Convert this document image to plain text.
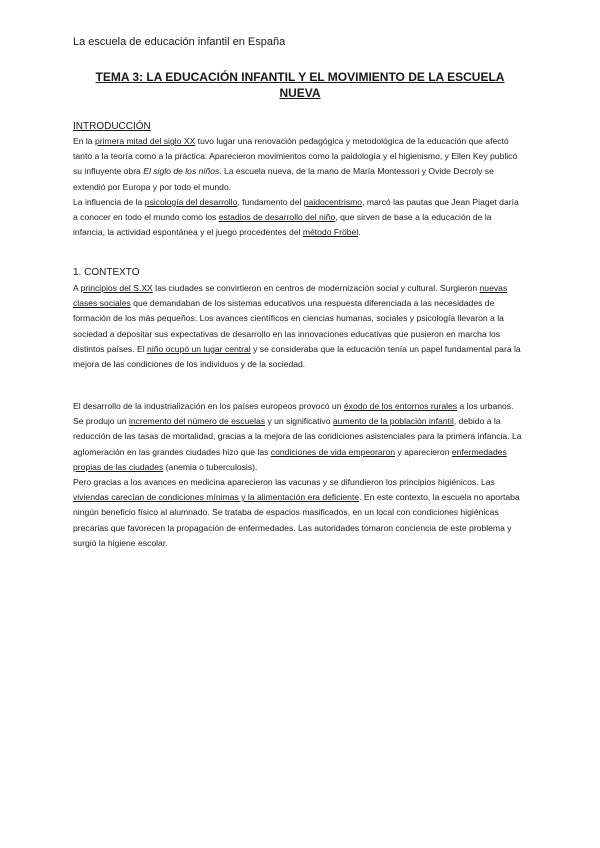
La escuela de educación infantil en España
TEMA 3: LA EDUCACIÓN INFANTIL Y EL MOVIMIENTO DE LA ESCUELA
NUEVA
INTRODUCCIÓN

En la primera mitad del siglo XX tuvo lugar una renovación pedagógica y metodológica de la educación que afectó tanto a la teoría como a la práctica. Aparecieron movimientos como la paidología y el higienismo, y Ellen Key publicó su influyente obra El siglo de los niños. La escuela nueva, de la mano de María Montessori y Ovide Decroly se extendió por Europa y por todo el mundo.

La influencia de la psicología del desarrollo, fundamento del paidocentrismo, marcó las pautas que Jean Piaget daría a conocer en todo el mundo como los estadios de desarrollo del niño, que sirven de base a la educación de la infancia, la actividad espontánea y el juego procedentes del método Fröbel.

1. CONTEXTO

A principios del S.XX las ciudades se convirtieron en centros de modernización social y cultural. Surgieron nuevas clases sociales que demandaban de los sistemas educativos una respuesta diferenciada a las necesidades de formación de los más pequeños. Los avances científicos en ciencias humanas, sociales y psicología llevaron a la sociedad a depositar sus expectativas de desarrollo en las innovaciones educativas que pusieron en marcha los distintos países. El niño ocupó un lugar central y se consideraba que la educación tenía un papel fundamental para la mejora de las condiciones de los individuos y de la sociedad.

El desarrollo de la industrialización en los países europeos provocó un éxodo de los entornos rurales a los urbanos. Se produjo un incremento del número de escuelas y un significativo aumento de la población infantil, debido a la reducción de las tasas de mortalidad, gracias a la mejora de las condiciones asistenciales para la primera infancia. La aglomeración en las grandes ciudades hizo que las condiciones de vida empeoraron y aparecieron enfermedades propias de las ciudades (anemia o tuberculosis).

Pero gracias a los avances en medicina aparecieron las vacunas y se difundieron los principios higiénicos. Las viviendas carecían de condiciones mínimas y la alimentación era deficiente. En este contexto, la escuela no aportaba ningún beneficio físico al alumnado. Se trataba de espacios masificados, en un local con condiciones higiénicas precarias que favorecen la propagación de enfermedades. Las autoridades tomaron conciencia de este problema y surgió la higiene escolar.
